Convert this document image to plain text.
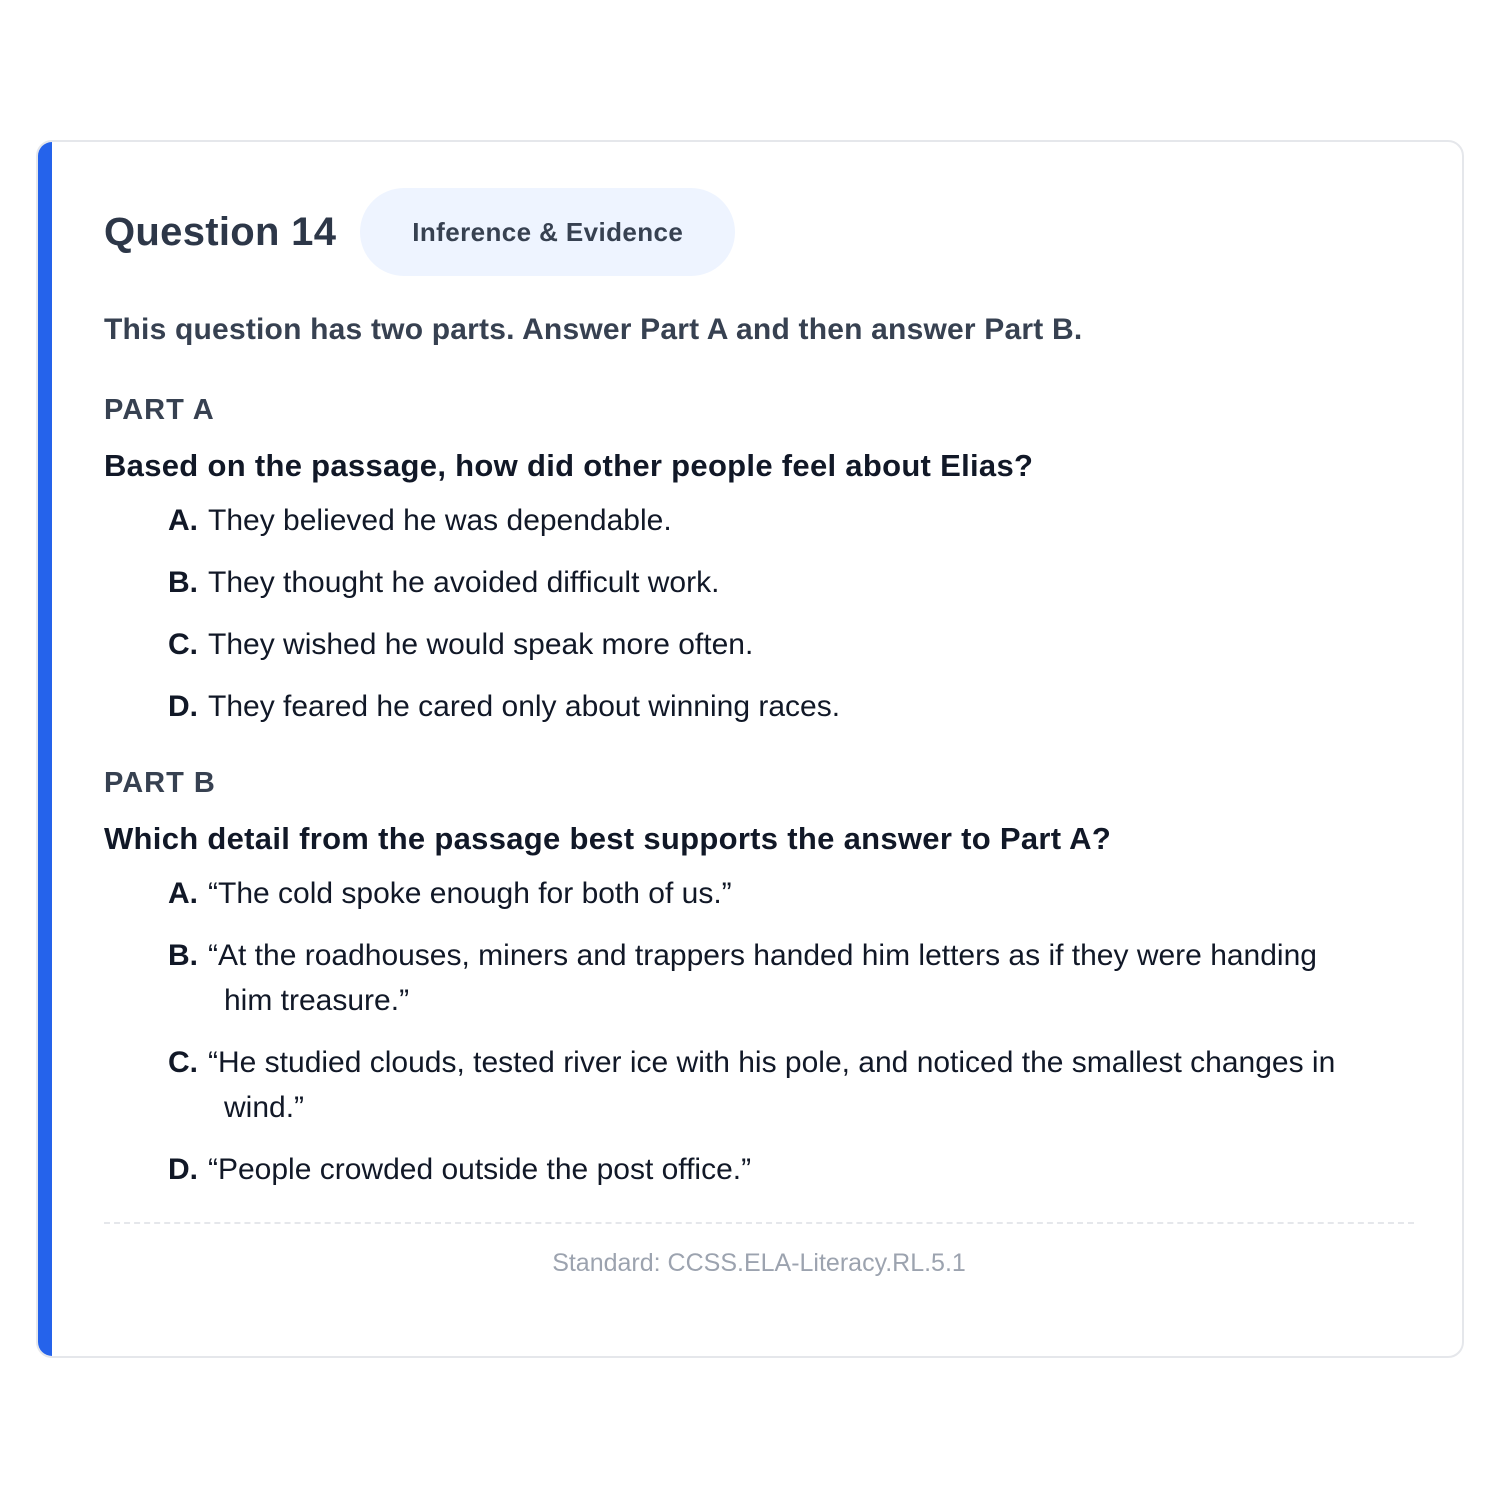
Question 14	Inference & Evidence
This question has two parts. Answer Part A and then answer Part B.
PART A
Based on the passage, how did other people feel about Elias?
A. They believed he was dependable.
B. They thought he avoided difficult work.
C. They wished he would speak more often.
D. They feared he cared only about winning races.
PART B
Which detail from the passage best supports the answer to Part A?
A. “The cold spoke enough for both of us.”
B. “At the roadhouses, miners and trappers handed him letters as if they were handing him treasure.”
C. “He studied clouds, tested river ice with his pole, and noticed the smallest changes in wind.”
D. “People crowded outside the post office.”
Standard: CCSS.ELA-Literacy.RL.5.1
